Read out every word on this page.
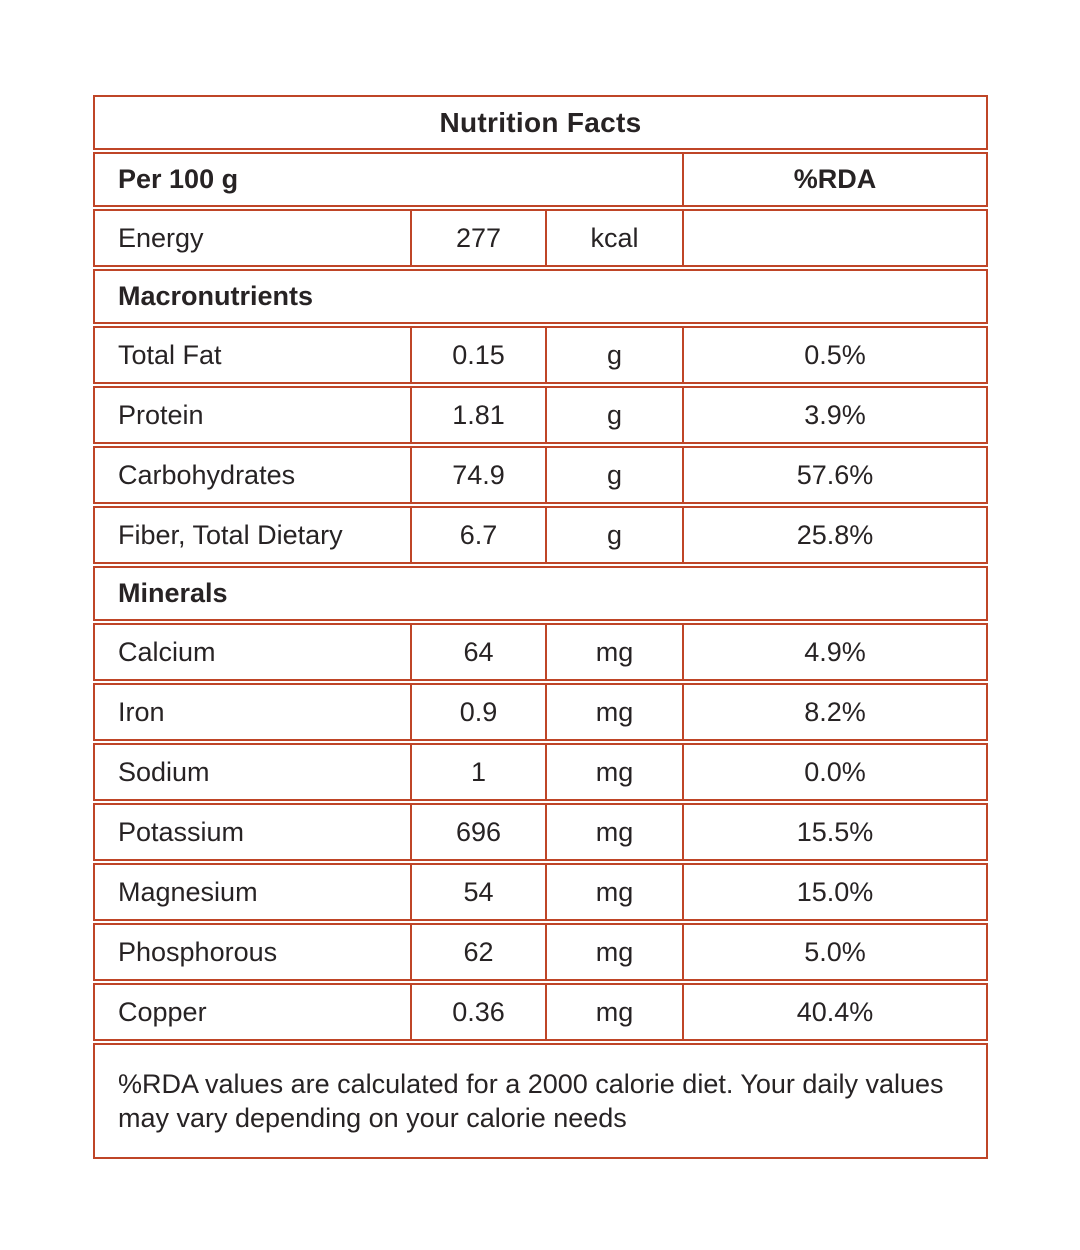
Nutrition Facts
Per 100 g	%RDA
Energy	277	kcal
Macronutrients
Total Fat	0.15	g	0.5%
Protein	1.81	g	3.9%
Carbohydrates	74.9	g	57.6%
Fiber, Total Dietary	6.7	g	25.8%
Minerals
Calcium	64	mg	4.9%
Iron	0.9	mg	8.2%
Sodium	1	mg	0.0%
Potassium	696	mg	15.5%
Magnesium	54	mg	15.0%
Phosphorous	62	mg	5.0%
Copper	0.36	mg	40.4%
%RDA values are calculated for a 2000 calorie diet. Your daily values may vary depending on your calorie needs
